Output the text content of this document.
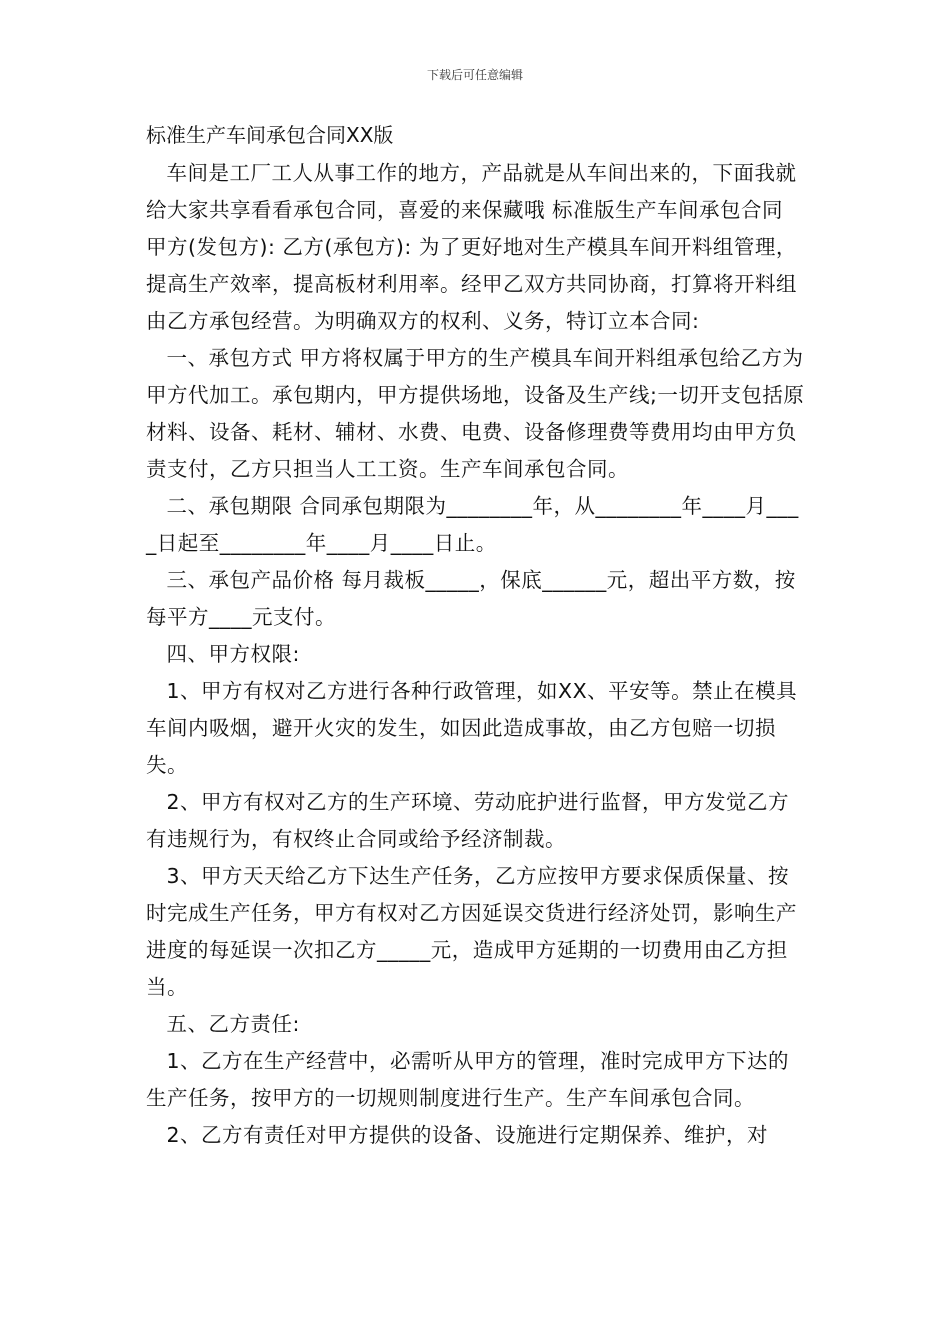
下载后可任意编辑
标准生产车间承包合同XX版

车间是工厂工人从事工作的地方，产品就是从车间出来的，下面我就给大家共享看看承包合同，喜爱的来保藏哦 标准版生产车间承包合同 甲方(发包方): 乙方(承包方): 为了更好地对生产模具车间开料组管理，提高生产效率，提高板材利用率。经甲乙双方共同协商，打算将开料组由乙方承包经营。为明确双方的权利、义务，特订立本合同:

一、承包方式 甲方将权属于甲方的生产模具车间开料组承包给乙方为甲方代加工。承包期内，甲方提供场地，设备及生产线;一切开支包括原材料、设备、耗材、辅材、水费、电费、设备修理费等费用均由甲方负责支付，乙方只担当人工工资。生产车间承包合同。

二、承包期限 合同承包期限为________年，从________年____月____日起至________年____月____日止。

三、承包产品价格 每月裁板_____，保底______元，超出平方数，按每平方____元支付。

四、甲方权限:

1、甲方有权对乙方进行各种行政管理，如XX、平安等。禁止在模具车间内吸烟，避开火灾的发生，如因此造成事故，由乙方包赔一切损失。

2、甲方有权对乙方的生产环境、劳动庇护进行监督，甲方发觉乙方有违规行为，有权终止合同或给予经济制裁。

3、甲方天天给乙方下达生产任务，乙方应按甲方要求保质保量、按时完成生产任务，甲方有权对乙方因延误交货进行经济处罚，影响生产进度的每延误一次扣乙方_____元，造成甲方延期的一切费用由乙方担当。

五、乙方责任:

1、乙方在生产经营中，必需听从甲方的管理，准时完成甲方下达的生产任务，按甲方的一切规则制度进行生产。生产车间承包合同。

2、乙方有责任对甲方提供的设备、设施进行定期保养、维护，对
